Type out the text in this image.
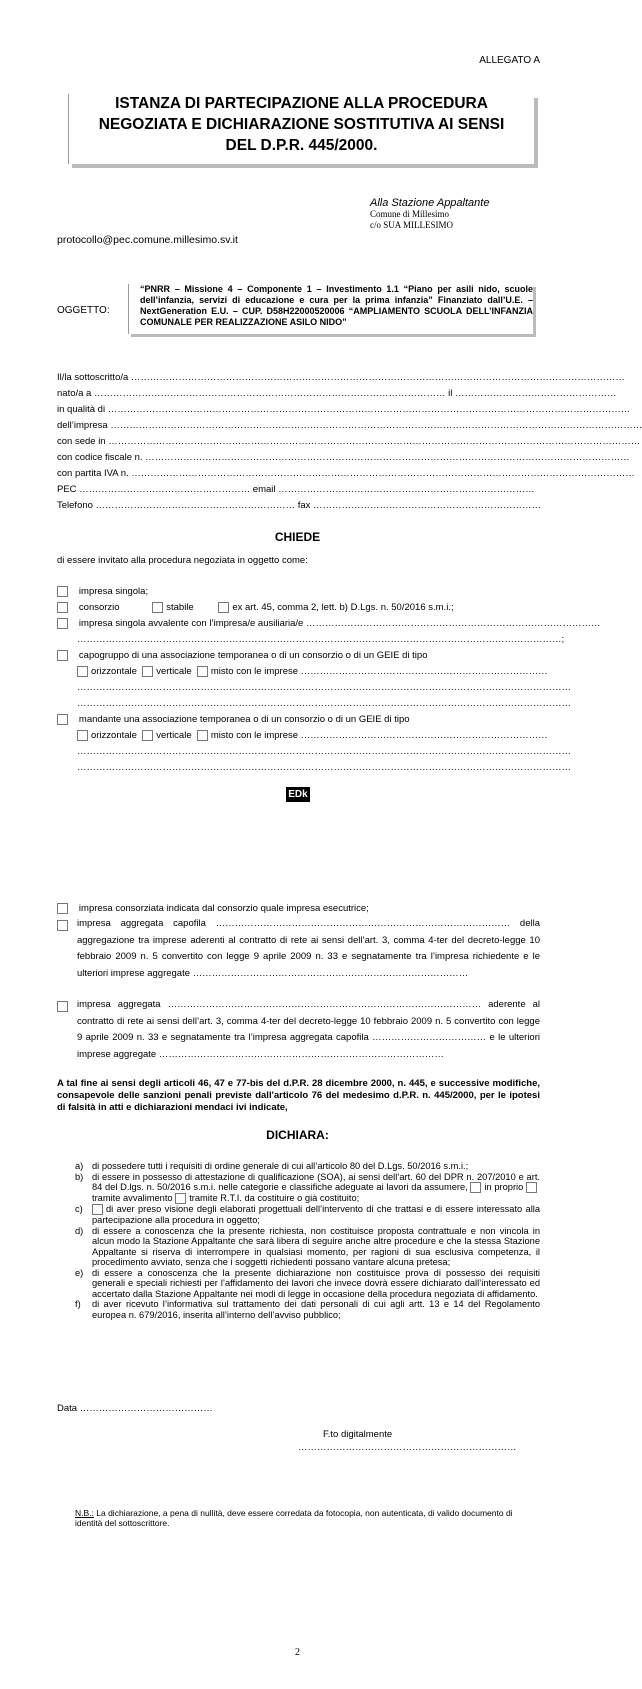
ALLEGATO A
ISTANZA DI PARTECIPAZIONE ALLA PROCEDURA
NEGOZIATA E DICHIARAZIONE SOSTITUTIVA AI SENSI
DEL D.P.R. 445/2000.
Alla Stazione Appaltante
Comune di Millesimo
c/o SUA MILLESIMO
protocollo@pec.comune.millesimo.sv.it
OGGETTO:
“PNRR – Missione 4 – Componente 1 – Investimento 1.1 “Piano per asili nido, scuole dell’infanzia, servizi di educazione e cura per la prima infanzia” Finanziato dall’U.E. – NextGeneration E.U. – CUP. D58H22000520006 “AMPLIAMENTO SCUOLA DELL’INFANZIA COMUNALE PER REALIZZAZIONE ASILO NIDO”
Il/la sottoscritto/a …………………………………………………………………………………………………………………………………………
nato/a a ………………………………………………………………………………………………… il ……………………………………………
in qualità di …………………………………………………………………………………………………………………………………………………
dell’impresa ……………………………………………………………………………………………………………………………………………………
con sede in ……………………………………………………………………………………………………………………………………………………
con codice fiscale n. ………………………………………………………………………………………………………………………………………
con partita IVA n. ……………………………………………………………………………………………………………………………………………
PEC ……………………………………………… email ………………………………………………………………………
Telefono ……………………………………………………… fax ………………………………………………………………
CHIEDE
di essere invitato alla procedura negoziata in oggetto come:
impresa singola;
consorzio	stabile	ex art. 45, comma 2, lett. b) D.Lgs. n. 50/2016 s.m.i.;
impresa singola avvalente con l’impresa/e ausiliaria/e …………………………………………………………………………………
………………………………………………………………………………………………………………………………………;
capogruppo di una associazione temporanea o di un consorzio o di un GEIE di tipo
orizzontale verticale misto con le imprese ……………………………………………………………………
…………………………………………………………………………………………………………………………………………
…………………………………………………………………………………………………………………………………………
mandante una associazione temporanea o di un consorzio o di un GEIE di tipo
orizzontale verticale misto con le imprese ……………………………………………………………………
…………………………………………………………………………………………………………………………………………
…………………………………………………………………………………………………………………………………………
EDk
impresa consorziata indicata dal consorzio quale impresa esecutrice;
impresa aggregata capofila ………………………………………………………………………………… della aggregazione tra imprese aderenti al contratto di rete ai sensi dell’art. 3, comma 4-ter del decreto-legge 10 febbraio 2009 n. 5 convertito con legge 9 aprile 2009 n. 33 e segnatamente tra l’impresa richiedente e le ulteriori imprese aggregate ……………………………………………………………………………
impresa aggregata ……………………………………………………………………………………… aderente al contratto di rete ai sensi dell’art. 3, comma 4-ter del decreto-legge 10 febbraio 2009 n. 5 convertito con legge 9 aprile 2009 n. 33 e segnatamente tra l’impresa aggregata capofila ……………………………… e le ulteriori imprese aggregate ………………………………………………………………………………
A tal fine ai sensi degli articoli 46, 47 e 77-bis del d.P.R. 28 dicembre 2000, n. 445, e successive modifiche, consapevole delle sanzioni penali previste dall'articolo 76 del medesimo d.P.R. n. 445/2000, per le ipotesi di falsità in atti e dichiarazioni mendaci ivi indicate,
DICHIARA:
a) di possedere tutti i requisiti di ordine generale di cui all’articolo 80 del D.Lgs. 50/2016 s.m.i.;
b) di essere in possesso di attestazione di qualificazione (SOA), ai sensi dell’art. 60 del DPR n. 207/2010 e art. 84 del D.lgs. n. 50/2016 s.m.i. nelle categorie e classifiche adeguate ai lavori da assumere, in proprio tramite avvalimento tramite R.T.I. da costituire o già costituito;
c)	di aver preso visione degli elaborati progettuali dell’intervento di che trattasi e di essere interessato alla partecipazione alla procedura in oggetto;
d) di essere a conoscenza che la presente richiesta, non costituisce proposta contrattuale e non vincola in alcun modo la Stazione Appaltante che sarà libera di seguire anche altre procedure e che la stessa Stazione Appaltante si riserva di interrompere in qualsiasi momento, per ragioni di sua esclusiva competenza, il procedimento avviato, senza che i soggetti richiedenti possano vantare alcuna pretesa;
e) di essere a conoscenza che la presente dichiarazione non costituisce prova di possesso dei requisiti generali e speciali richiesti per l’affidamento dei lavori che invece dovrà essere dichiarato dall’interessato ed accertato dalla Stazione Appaltante nei modi di legge in occasione della procedura negoziata di affidamento.
f) di aver ricevuto l’informativa sul trattamento dei dati personali di cui agli artt. 13 e 14 del Regolamento europea n. 679/2016, inserita all’interno dell’avviso pubblico;
Data ……………………………………
F.to digitalmente
……………………………………………………………
N.B.: La dichiarazione, a pena di nullità, deve essere corredata da fotocopia, non autenticata, di valido documento di identità del sottoscrittore.
2
